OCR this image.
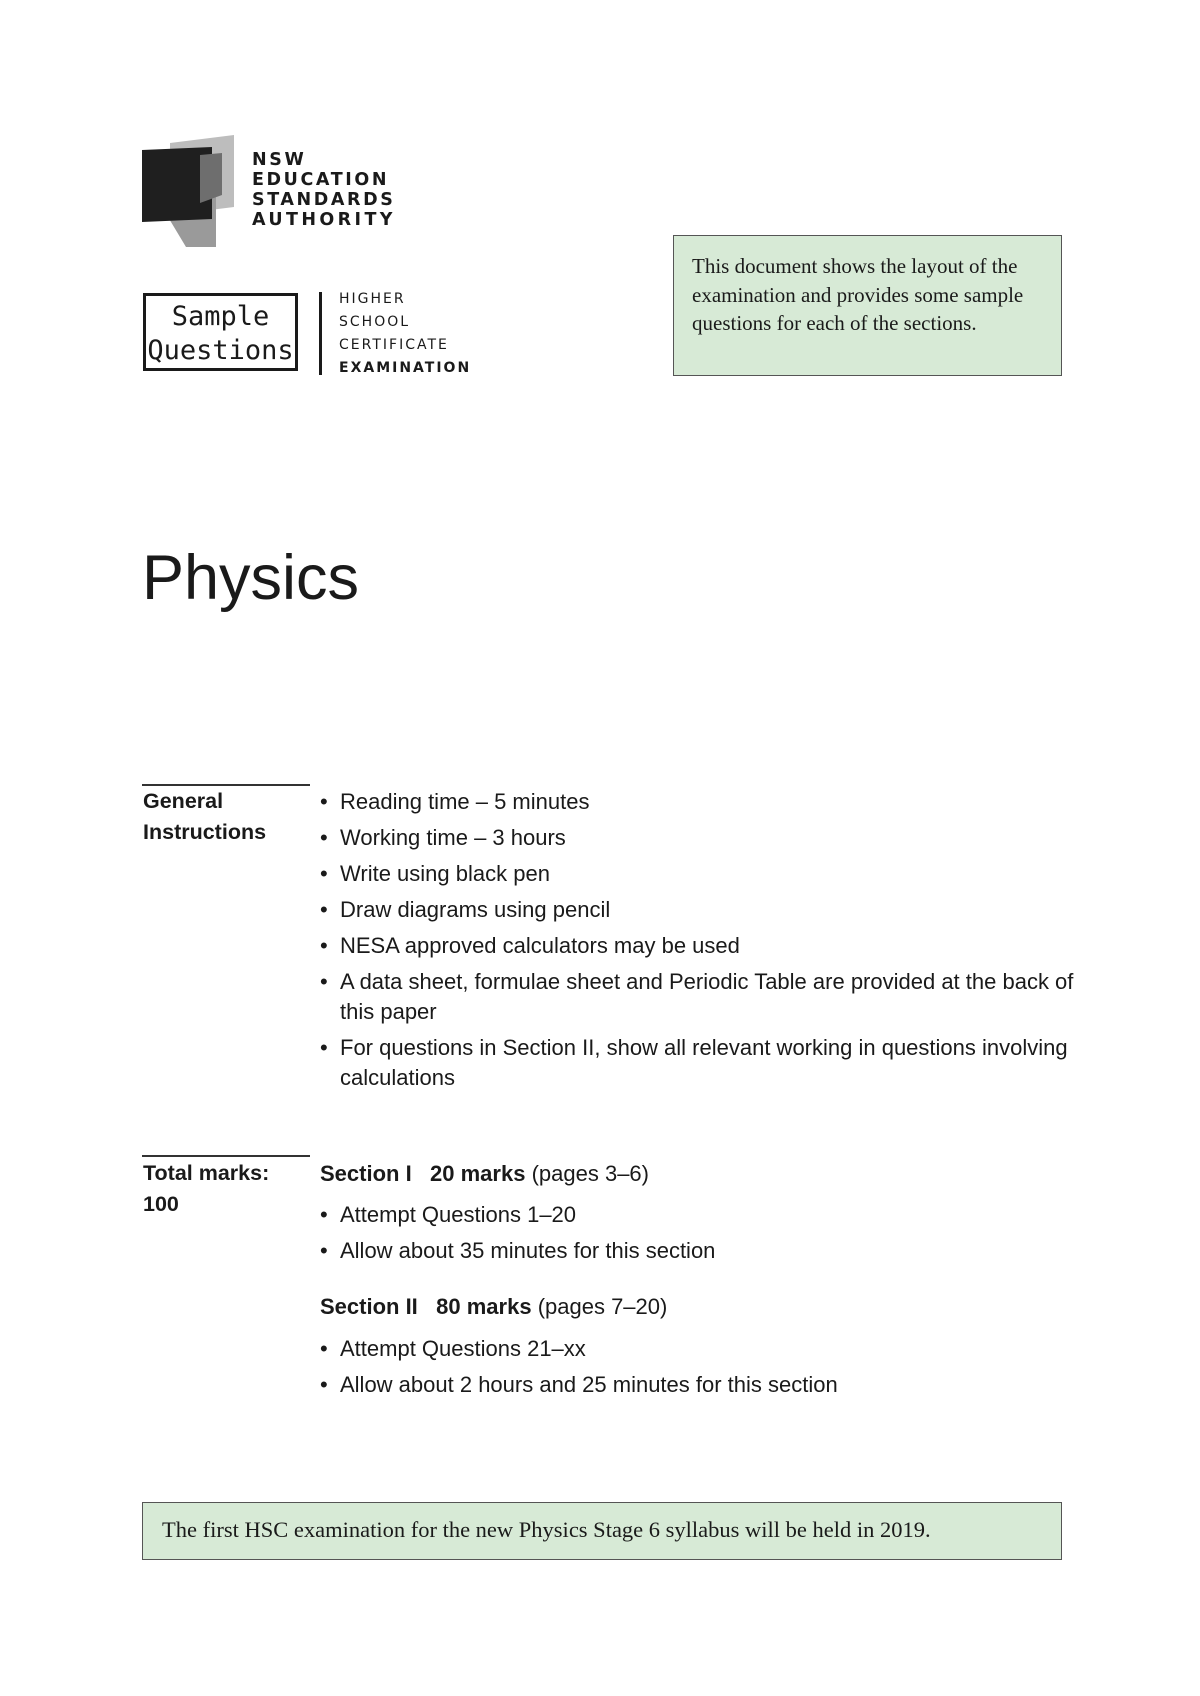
NSW
EDUCATION
STANDARDS
AUTHORITY
Sample
Questions
HIGHER
SCHOOL
CERTIFICATE
EXAMINATION
This document shows the layout of the examination and provides some sample questions for each of the sections.
Physics
General
Instructions
• Reading time – 5 minutes
• Working time – 3 hours
• Write using black pen
• Draw diagrams using pencil
• NESA approved calculators may be used
• A data sheet, formulae sheet and Periodic Table are provided at the back of this paper
• For questions in Section II, show all relevant working in questions involving calculations
Total marks:
100
Section I 20 marks (pages 3–6)
• Attempt Questions 1–20
• Allow about 35 minutes for this section
Section II 80 marks (pages 7–20)
• Attempt Questions 21–xx
• Allow about 2 hours and 25 minutes for this section
The first HSC examination for the new Physics Stage 6 syllabus will be held in 2019.
